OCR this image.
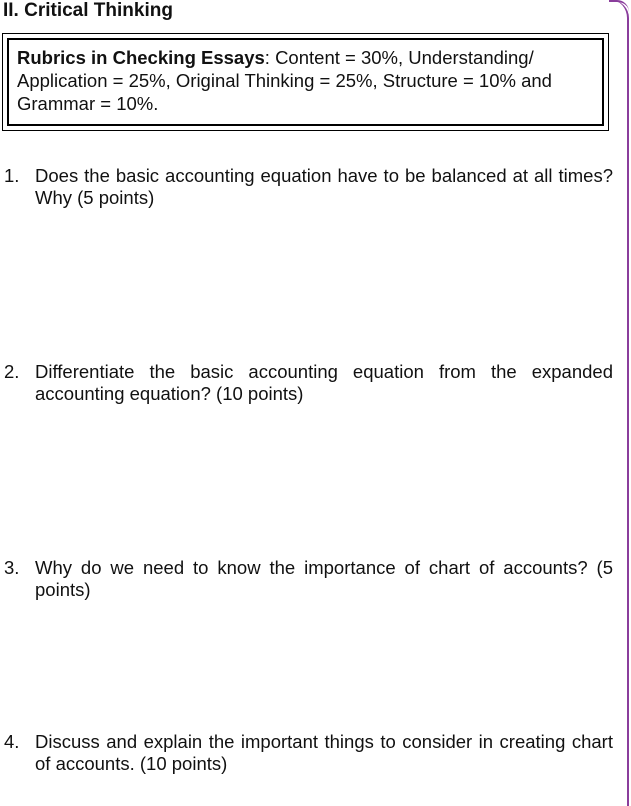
II. Critical Thinking
Rubrics in Checking Essays: Content = 30%, Understanding/ Application = 25%, Original Thinking = 25%, Structure = 10% and Grammar = 10%.
1. Does the basic accounting equation have to be balanced at all times? Why (5 points)
2. Differentiate the basic accounting equation from the expanded accounting equation? (10 points)
3. Why do we need to know the importance of chart of accounts? (5 points)
4. Discuss and explain the important things to consider in creating chart of accounts. (10 points)
